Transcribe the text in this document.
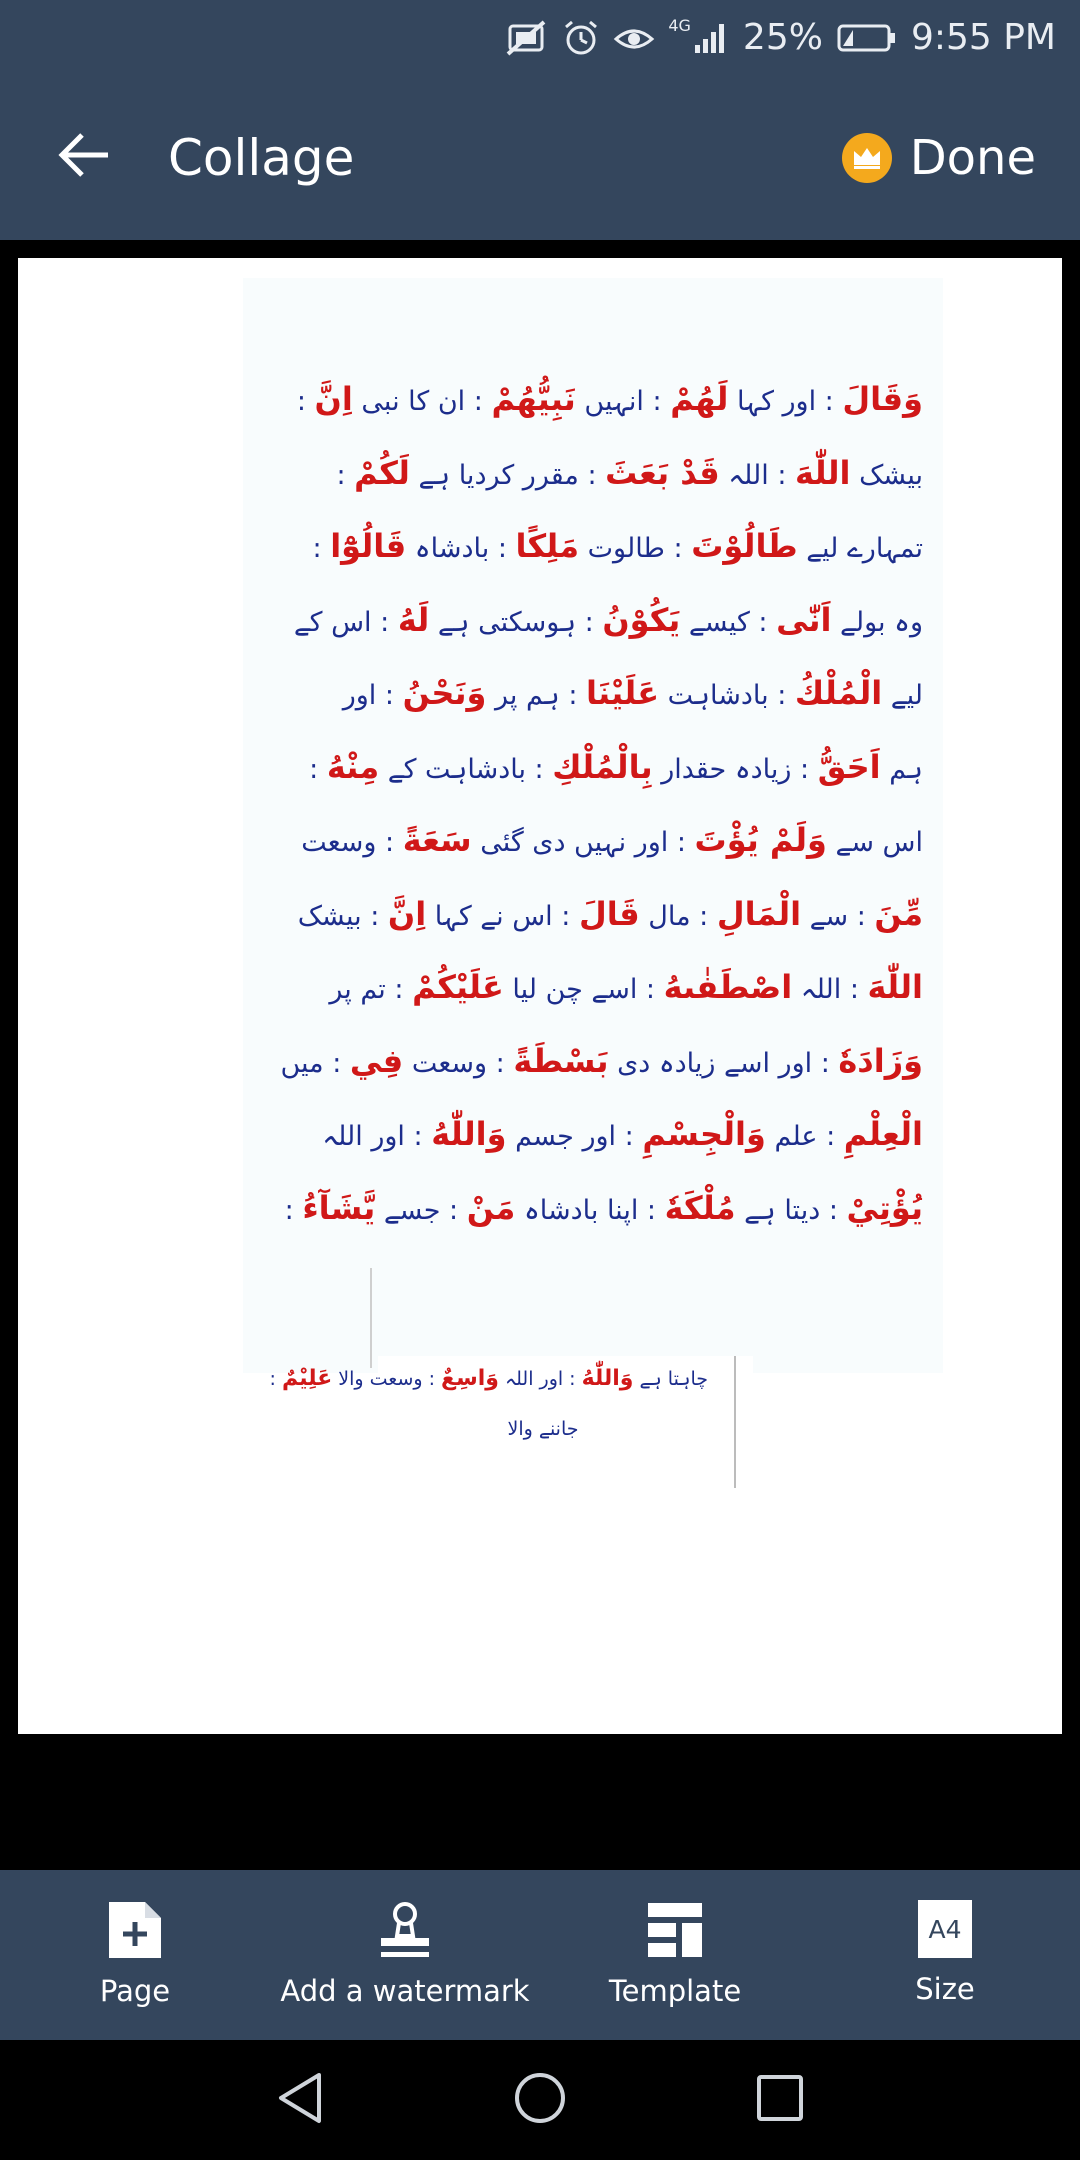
4G 25% 9:55 PM
Collage	Done
وَقَالَ : اور کہا لَهُمْ : انہیں نَبِيُّهُمْ : ان کا نبی اِنَّ :
بیشک اللّٰهَ : اللہ قَدْ بَعَثَ : مقرر کردیا ہے لَكُمْ :
تمہارے لیے طَالُوْتَ : طالوت مَلِكًا : بادشاہ قَالُوْٓا :
وہ بولے اَنّٰى : کیسے يَكُوْنُ : ہوسکتی ہے لَهُ : اس کے
لیے الْمُلْكُ : بادشاہت عَلَيْنَا : ہم پر وَنَحْنُ : اور
ہم اَحَقُّ : زیادہ حقدار بِالْمُلْكِ : بادشاہت کے مِنْهُ :
اس سے وَلَمْ يُؤْتَ : اور نہیں دی گئی سَعَةً : وسعت
مِّنَ : سے الْمَالِ : مال قَالَ : اس نے کہا اِنَّ : بیشک
اللّٰهَ : اللہ اصْطَفٰىهُ : اسے چن لیا عَلَيْكُمْ : تم پر
وَزَادَهٗ : اور اسے زیادہ دی بَسْطَةً : وسعت فِي : میں
الْعِلْمِ : علم وَالْجِسْمِ : اور جسم وَاللّٰهُ : اور اللہ
يُؤْتِيْ : دیتا ہے مُلْكَهٗ : اپنا بادشاہ مَنْ : جسے يَّشَآءُ :
چاہتا ہے وَاللّٰهُ : اور اللہ وَاسِعٌ : وسعت والا عَلِيْمٌ :
جاننے والا
Page	Add a watermark	Template
A4
Size
